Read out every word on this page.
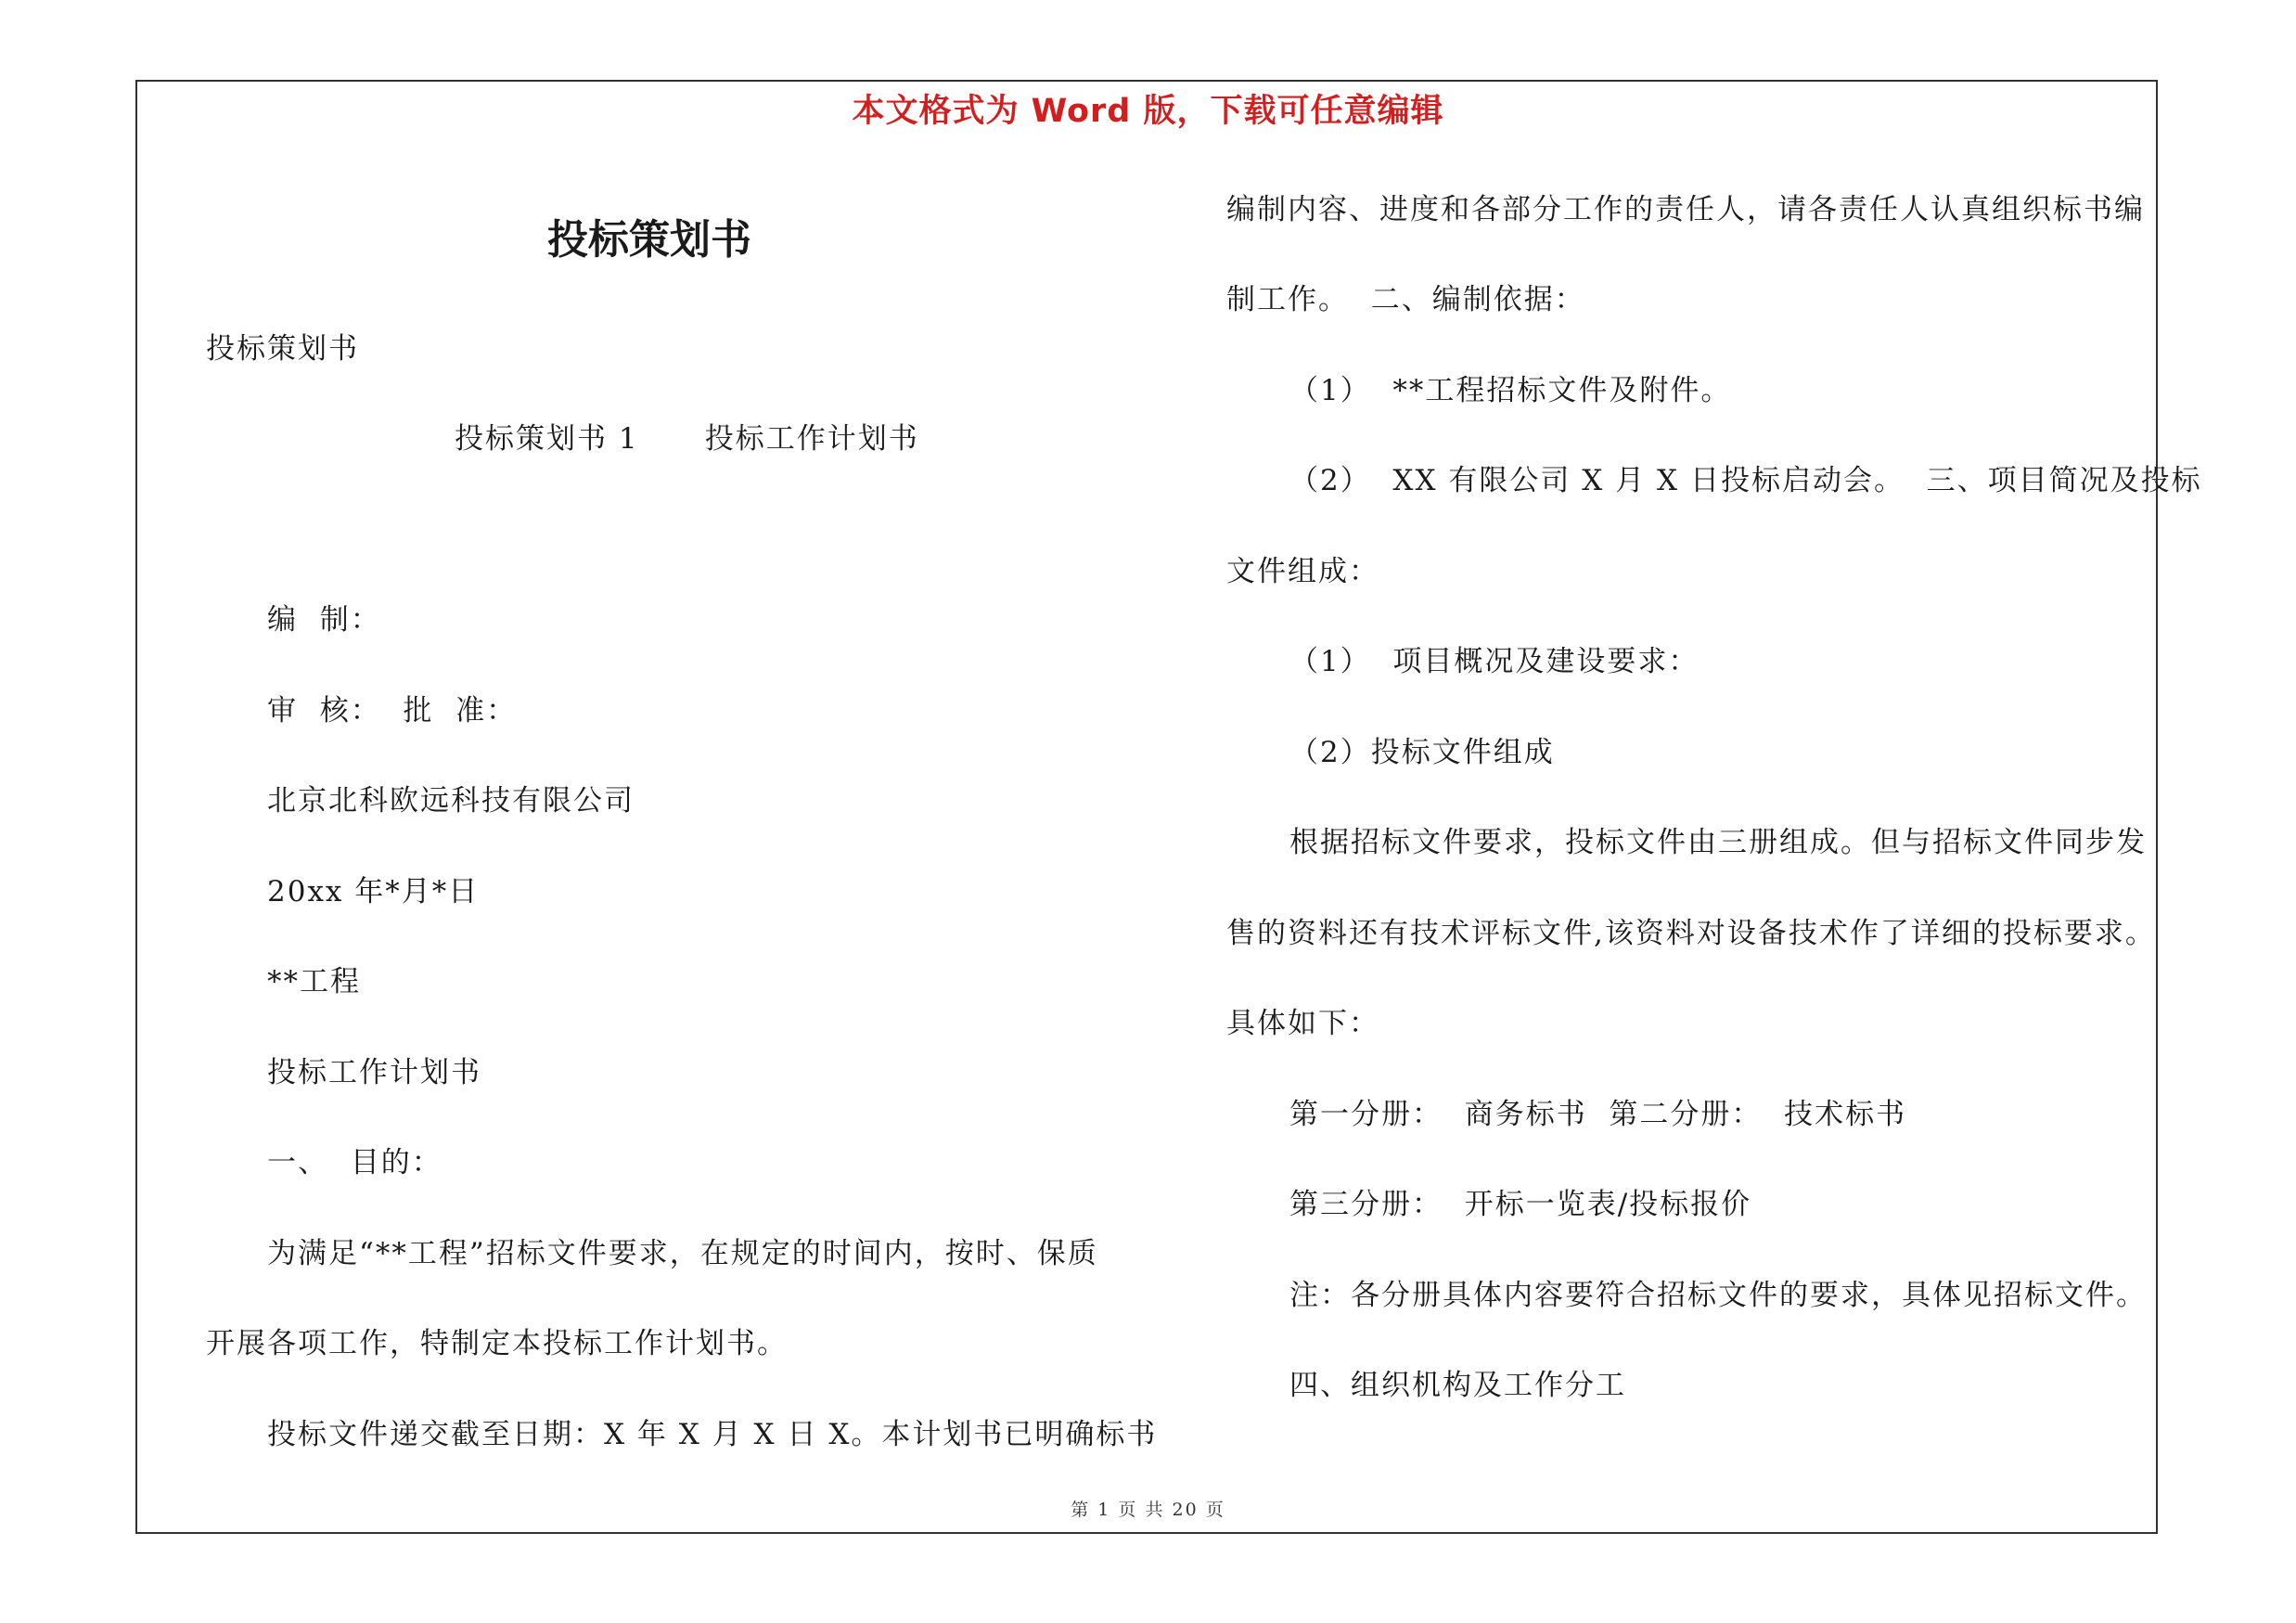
本文格式为 Word 版，下载可任意编辑
投标策划书
投标策划书
投标策划书 1      投标工作计划书
编  制：
审  核：  批  准：
北京北科欧远科技有限公司
20xx 年*月*日
**工程
投标工作计划书
一、  目的：
为满足“**工程”招标文件要求，在规定的时间内，按时、保质
开展各项工作，特制定本投标工作计划书。
投标文件递交截至日期：X 年 X 月 X 日 X。本计划书已明确标书
编制内容、进度和各部分工作的责任人，请各责任人认真组织标书编
制工作。  二、编制依据：
（1）  **工程招标文件及附件。
（2）  XX 有限公司 X 月 X 日投标启动会。  三、项目简况及投标
文件组成：
（1）  项目概况及建设要求：
（2）投标文件组成
根据招标文件要求，投标文件由三册组成。但与招标文件同步发
售的资料还有技术评标文件,该资料对设备技术作了详细的投标要求。
具体如下：
第一分册：  商务标书  第二分册：  技术标书
第三分册：  开标一览表/投标报价
注：各分册具体内容要符合招标文件的要求，具体见招标文件。
四、组织机构及工作分工
第 1 页 共 20 页
